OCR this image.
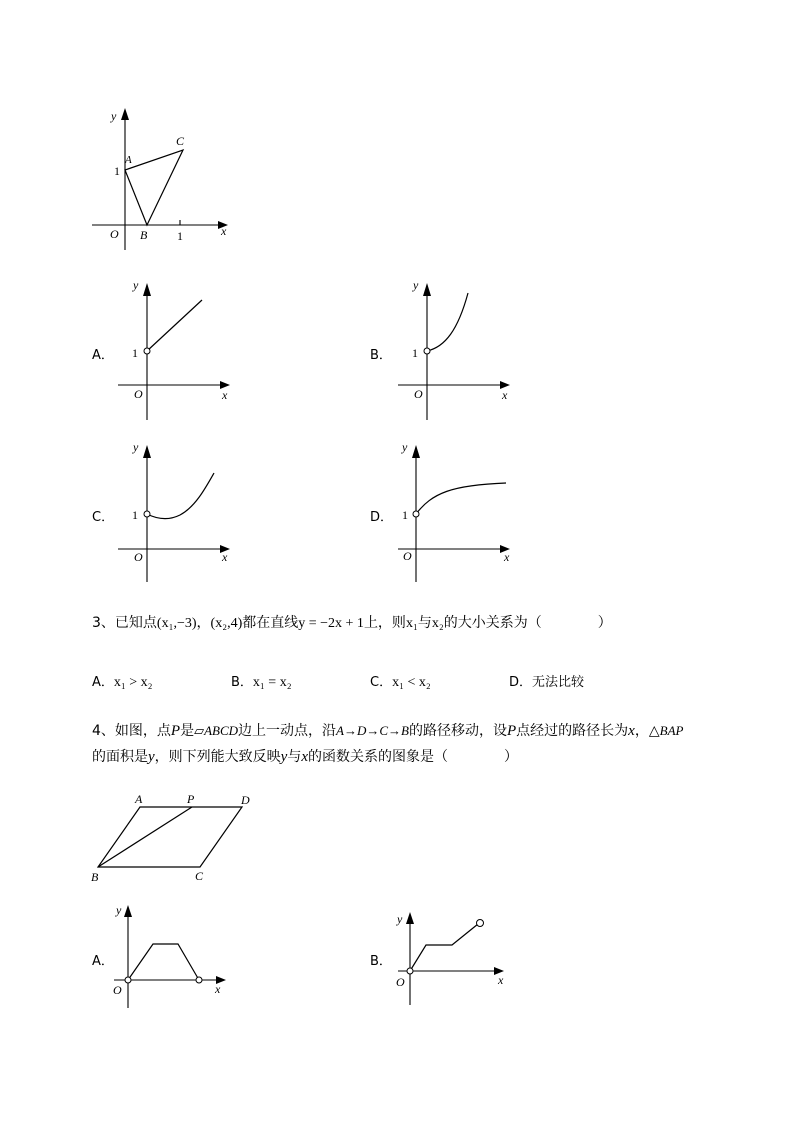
y
x
O
1
1
A
B
C
A．
y
x
O
1	B．
y
x
O
1
C．
y
x
O
1	D．
y
x
O
1
3、已知点(x₁,−3)，(x₂,4)都在直线y = −2x + 1上，则x₁与x₂的大小关系为（　　　　）
A．x₁ > x₂	B．x₁ = x₂	C．x₁ < x₂	D．无法比较
4、如图，点P是▱ABCD边上一动点，沿A→D→C→B的路径移动，设P点经过的路径长为x，△BAP
的面积是y，则下列能大致反映y与x的函数关系的图象是（　　　　）
A	P	D
B	C
A．
y
x
O
B．
y
x
O
